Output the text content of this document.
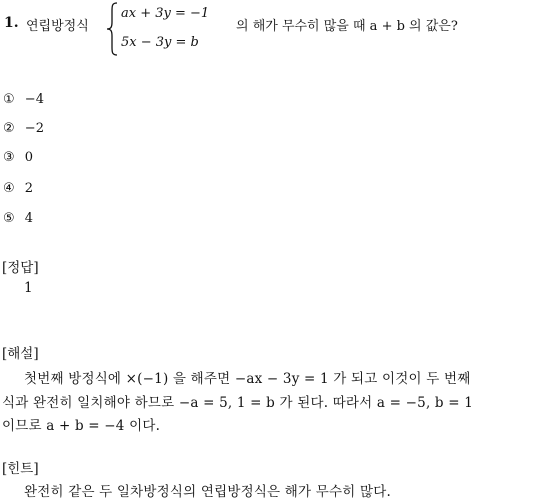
1. 연립방정식
ax + 3y = −1
5x − 3y = b
의 해가 무수히 많을 때 a + b 의 값은?
① −4
② −2
③ 0
④ 2
⑤ 4
[정답]
1
[해설]
첫번째 방정식에 ×(−1) 을 해주면 −ax − 3y = 1 가 되고 이것이 두 번째
식과 완전히 일치해야 하므로 −a = 5, 1 = b 가 된다. 따라서 a = −5, b = 1
이므로 a + b = −4 이다.
[힌트]
완전히 같은 두 일차방정식의 연립방정식은 해가 무수히 많다.
